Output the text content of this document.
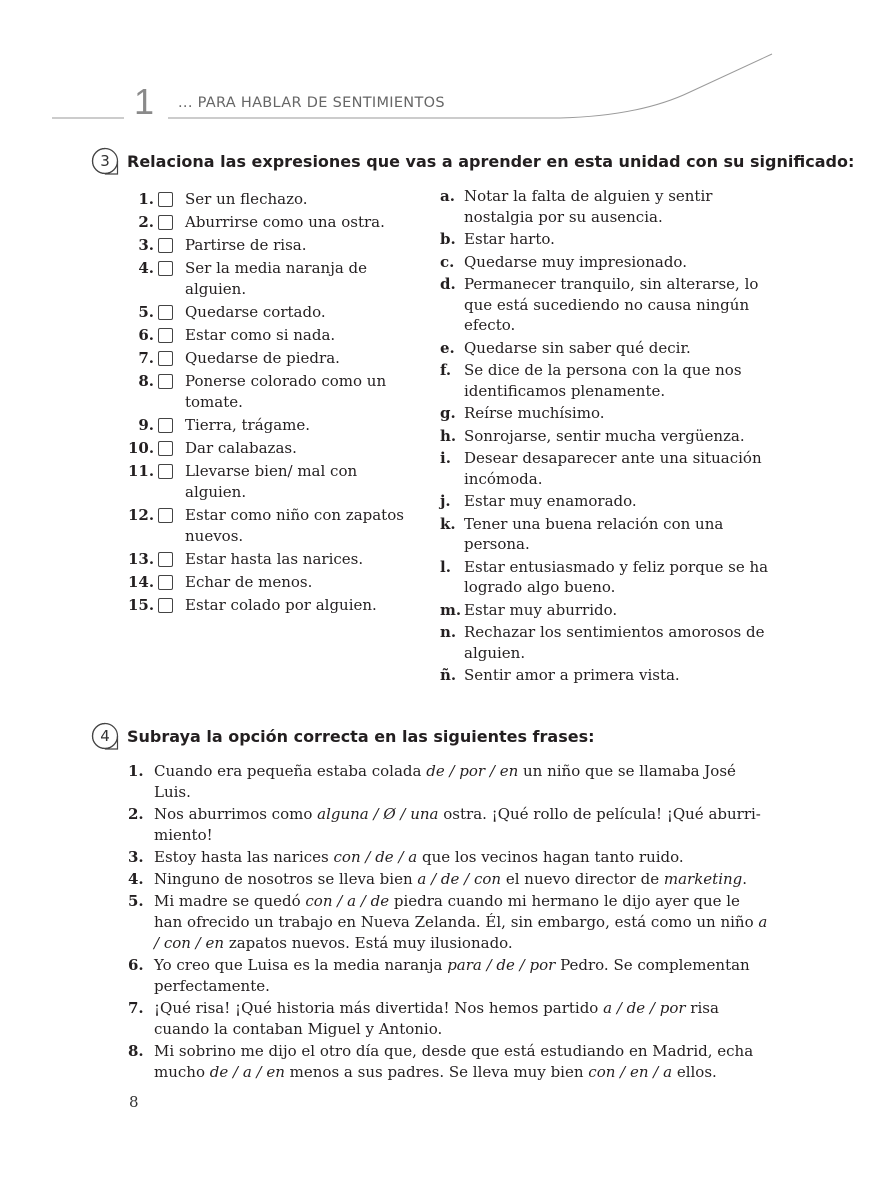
1 ... PARA HABLAR DE SENTIMIENTOS
3	Relaciona las expresiones que vas a aprender en esta unidad con su significado:
1. Ser un flechazo.
2. Aburrirse como una ostra.
3. Partirse de risa.
4. Ser la media naranja de alguien.
5. Quedarse cortado.
6. Estar como si nada.
7. Quedarse de piedra.
8. Ponerse colorado como un tomate.
9. Tierra, trágame.
10. Dar calabazas.
11. Llevarse bien/ mal con alguien.
12. Estar como niño con zapatos nuevos.
13. Estar hasta las narices.
14. Echar de menos.
15. Estar colado por alguien.
a. Notar la falta de alguien y sentir nostalgia por su ausencia.
b. Estar harto.
c. Quedarse muy impresionado.
d. Permanecer tranquilo, sin alterarse, lo que está sucediendo no causa ningún efecto.
e. Quedarse sin saber qué decir.
f. Se dice de la persona con la que nos identificamos plenamente.
g. Reírse muchísimo.
h. Sonrojarse, sentir mucha vergüenza.
i. Desear desaparecer ante una situación incómoda.
j. Estar muy enamorado.
k. Tener una buena relación con una persona.
l. Estar entusiasmado y feliz porque se ha logrado algo bueno.
m. Estar muy aburrido.
n. Rechazar los sentimientos amorosos de alguien.
ñ. Sentir amor a primera vista.
4	Subraya la opción correcta en las siguientes frases:
1. Cuando era pequeña estaba colada de / por / en un niño que se llamaba José Luis.
2. Nos aburrimos como alguna / Ø / una ostra. ¡Qué rollo de película! ¡Qué aburri- miento!
3. Estoy hasta las narices con / de / a que los vecinos hagan tanto ruido.
4. Ninguno de nosotros se lleva bien a / de / con el nuevo director de marketing.
5. Mi madre se quedó con / a / de piedra cuando mi hermano le dijo ayer que le han ofrecido un trabajo en Nueva Zelanda. Él, sin embargo, está como un niño a / con / en zapatos nuevos. Está muy ilusionado.
6. Yo creo que Luisa es la media naranja para / de / por Pedro. Se complementan perfectamente.
7. ¡Qué risa! ¡Qué historia más divertida! Nos hemos partido a / de / por risa cuando la contaban Miguel y Antonio.
8. Mi sobrino me dijo el otro día que, desde que está estudiando en Madrid, echa mucho de / a / en menos a sus padres. Se lleva muy bien con / en / a ellos.
8
